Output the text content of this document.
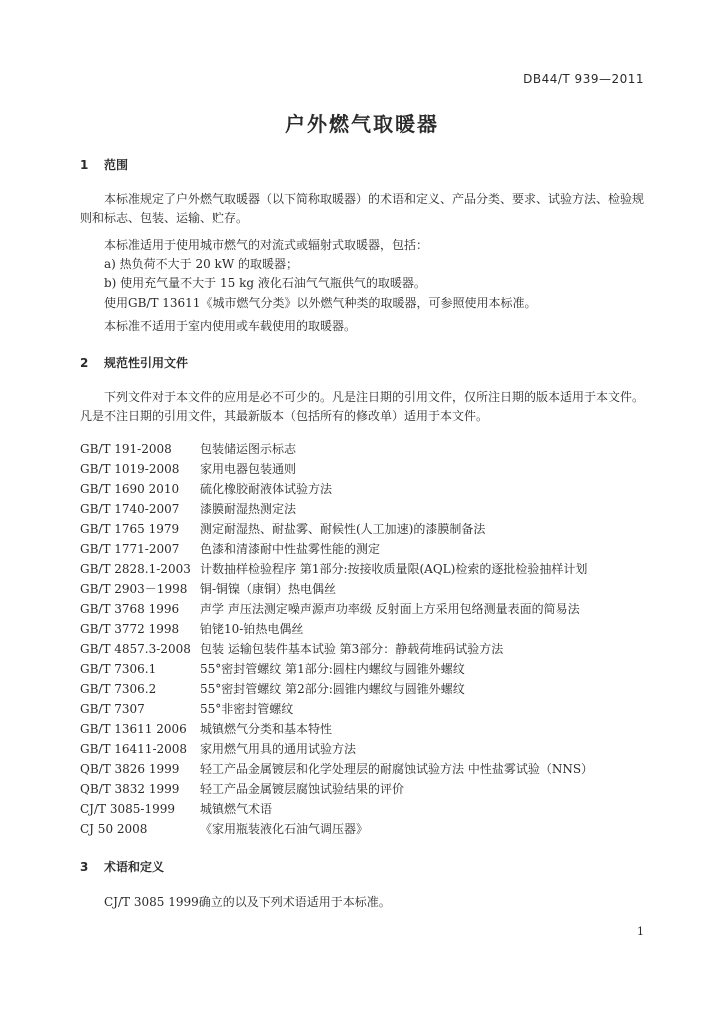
DB44/T 939—2011
户外燃气取暖器
1 范围
本标准规定了户外燃气取暖器（以下简称取暖器）的术语和定义、产品分类、要求、试验方法、检验规则和标志、包装、运输、贮存。
本标准适用于使用城市燃气的对流式或辐射式取暖器，包括：
a) 热负荷不大于 20 kW 的取暖器；
b) 使用充气量不大于 15 kg 液化石油气气瓶供气的取暖器。
使用GB/T 13611《城市燃气分类》以外燃气种类的取暖器，可参照使用本标准。
本标准不适用于室内使用或车载使用的取暖器。
2 规范性引用文件
下列文件对于本文件的应用是必不可少的。凡是注日期的引用文件，仅所注日期的版本适用于本文件。凡是不注日期的引用文件，其最新版本（包括所有的修改单）适用于本文件。
GB/T 191-2008 包装储运图示标志
GB/T 1019-2008 家用电器包装通则
GB/T 1690 2010 硫化橡胶耐液体试验方法
GB/T 1740-2007 漆膜耐湿热测定法
GB/T 1765 1979 测定耐湿热、耐盐雾、耐候性(人工加速)的漆膜制备法
GB/T 1771-2007 色漆和清漆耐中性盐雾性能的测定
GB/T 2828.1-2003 计数抽样检验程序 第1部分:按接收质量限(AQL)检索的逐批检验抽样计划
GB/T 2903－1998 铜-铜镍（康铜）热电偶丝
GB/T 3768 1996 声学 声压法测定噪声源声功率级 反射面上方采用包络测量表面的简易法
GB/T 3772 1998 铂铑10-铂热电偶丝
GB/T 4857.3-2008 包装 运输包装件基本试验 第3部分：静载荷堆码试验方法
GB/T 7306.1	55°密封管螺纹 第1部分:圆柱内螺纹与圆锥外螺纹
GB/T 7306.2	55°密封管螺纹 第2部分:圆锥内螺纹与圆锥外螺纹
GB/T 7307	55°非密封管螺纹
GB/T 13611 2006 城镇燃气分类和基本特性
GB/T 16411-2008 家用燃气用具的通用试验方法
QB/T 3826 1999 轻工产品金属镀层和化学处理层的耐腐蚀试验方法 中性盐雾试验（NNS）
QB/T 3832 1999 轻工产品金属镀层腐蚀试验结果的评价
CJ/T 3085-1999 城镇燃气术语
CJ 50 2008	《家用瓶装液化石油气调压器》
3 术语和定义
CJ/T 3085 1999确立的以及下列术语适用于本标准。
1
